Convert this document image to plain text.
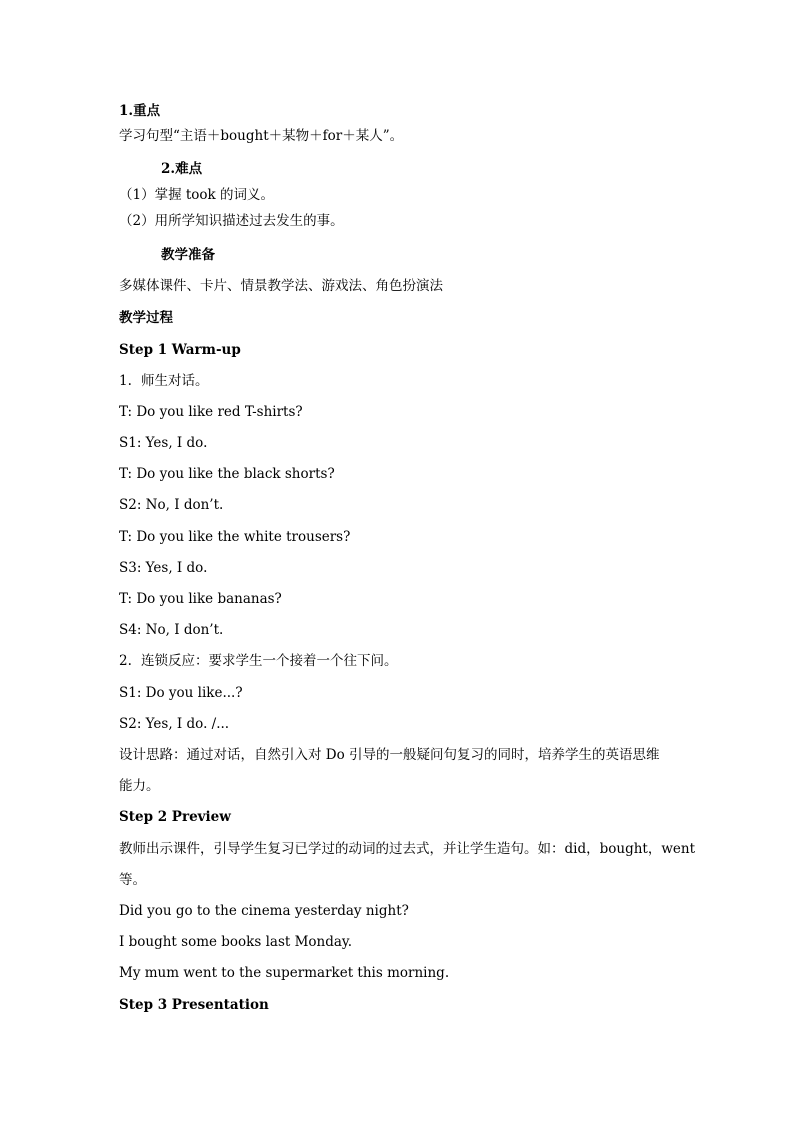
1.重点
学习句型“主语＋bought＋某物＋for＋某人”。
2.难点
（1）掌握 took 的词义。
（2）用所学知识描述过去发生的事。
教学准备
多媒体课件、卡片、情景教学法、游戏法、角色扮演法
教学过程
Step 1 Warm-up
1. 师生对话。
T: Do you like red T-shirts?
S1: Yes, I do.
T: Do you like the black shorts?
S2: No, I don’t.
T: Do you like the white trousers?
S3: Yes, I do.
T: Do you like bananas?
S4: No, I don’t.
2. 连锁反应：要求学生一个接着一个往下问。
S1: Do you like...?
S2: Yes, I do. /...
设计思路：通过对话，自然引入对 Do 引导的一般疑问句复习的同时，培养学生的英语思维
能力。
Step 2 Preview
教师出示课件，引导学生复习已学过的动词的过去式，并让学生造句。如：did，bought，went
等。
Did you go to the cinema yesterday night?
I bought some books last Monday.
My mum went to the supermarket this morning.
Step 3 Presentation
